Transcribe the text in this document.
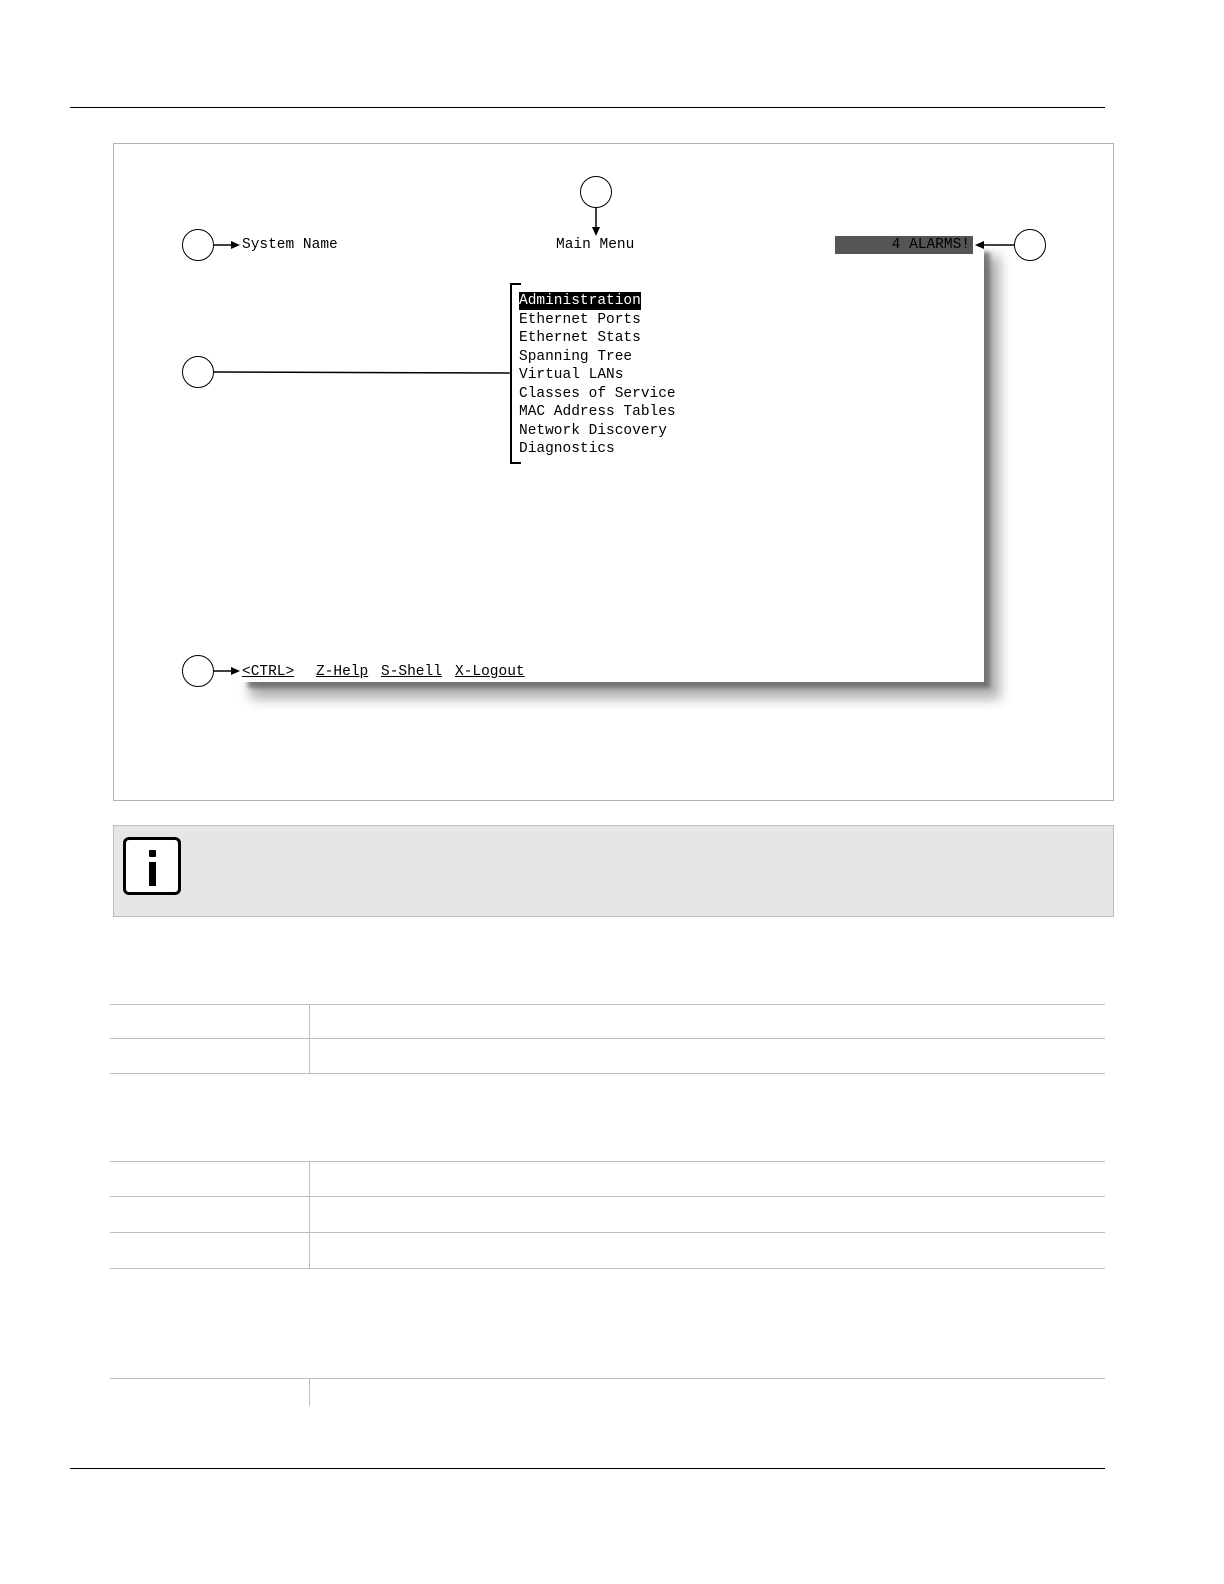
System Name	Main Menu	4 ALARMS!
Administration
Ethernet Ports
Ethernet Stats
Spanning Tree
Virtual LANs
Classes of Service
MAC Address Tables
Network Discovery
Diagnostics
<CTRL> Z-Help S-Shell X-Logout
